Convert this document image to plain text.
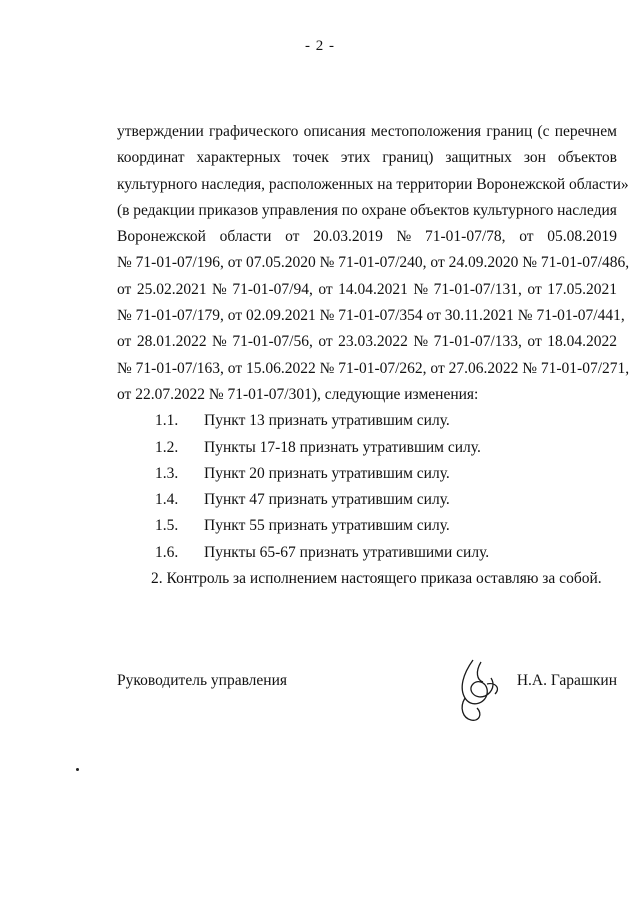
- 2 -
утверждении графического описания местоположения границ (с перечнем
координат характерных точек этих границ) защитных зон объектов
культурного наследия, расположенных на территории Воронежской области»
(в редакции приказов управления по охране объектов культурного наследия
Воронежской области от 20.03.2019 № 71-01-07/78, от 05.08.2019
№ 71-01-07/196, от 07.05.2020 № 71-01-07/240, от 24.09.2020 № 71-01-07/486,
от 25.02.2021 № 71-01-07/94, от 14.04.2021 № 71-01-07/131, от 17.05.2021
№ 71-01-07/179, от 02.09.2021 № 71-01-07/354 от 30.11.2021 № 71-01-07/441,
от 28.01.2022 № 71-01-07/56, от 23.03.2022 № 71-01-07/133, от 18.04.2022
№ 71-01-07/163, от 15.06.2022 № 71-01-07/262, от 27.06.2022 № 71-01-07/271,
от 22.07.2022 № 71-01-07/301), следующие изменения:
1.1.	Пункт 13 признать утратившим силу.
1.2.	Пункты 17-18 признать утратившим силу.
1.3.	Пункт 20 признать утратившим силу.
1.4.	Пункт 47 признать утратившим силу.
1.5.	Пункт 55 признать утратившим силу.
1.6.	Пункты 65-67 признать утратившими силу.
2. Контроль за исполнением настоящего приказа оставляю за собой.
Руководитель управления	Н.А. Гарашкин
